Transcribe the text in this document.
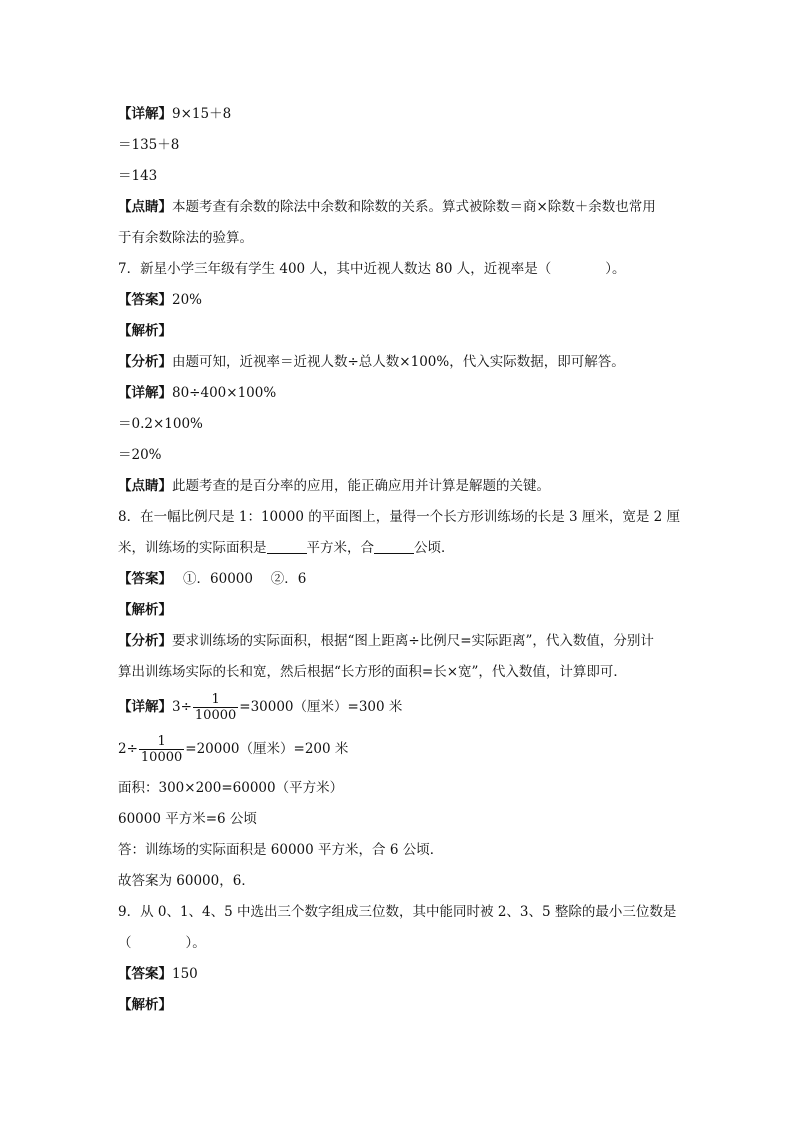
【详解】9×15＋8
＝135＋8
＝143
【点睛】本题考查有余数的除法中余数和除数的关系。算式被除数＝商×除数＋余数也常用
于有余数除法的验算。
7．新星小学三年级有学生 400 人，其中近视人数达 80 人，近视率是（　　　　）。
【答案】20%
【解析】
【分析】由题可知，近视率＝近视人数÷总人数×100%，代入实际数据，即可解答。
【详解】80÷400×100%
＝0.2×100%
＝20%
【点睛】此题考查的是百分率的应用，能正确应用并计算是解题的关键。
8．在一幅比例尺是 1：10000 的平面图上，量得一个长方形训练场的长是 3 厘米，宽是 2 厘
米，训练场的实际面积是	平方米，合	公顷．
【答案】　 ①．60000　 ②．6
【解析】
【分析】要求训练场的实际面积，根据“图上距离÷比例尺=实际距离”，代入数值，分别计
算出训练场实际的长和宽，然后根据“长方形的面积=长×宽”，代入数值，计算即可．
【详解】$3\div \frac{1}{10000} =30000$（厘米）=300 米
$2\div \frac{1}{10000} =20000$（厘米）=200 米
面积：300×200=60000（平方米）
60000 平方米=6 公顷
答：训练场的实际面积是 60000 平方米，合 6 公顷．
故答案为 60000，6．
9．从 0、1、4、5 中选出三个数字组成三位数，其中能同时被 2、3、5 整除的最小三位数是
（　　　　）。
【答案】150
【解析】
